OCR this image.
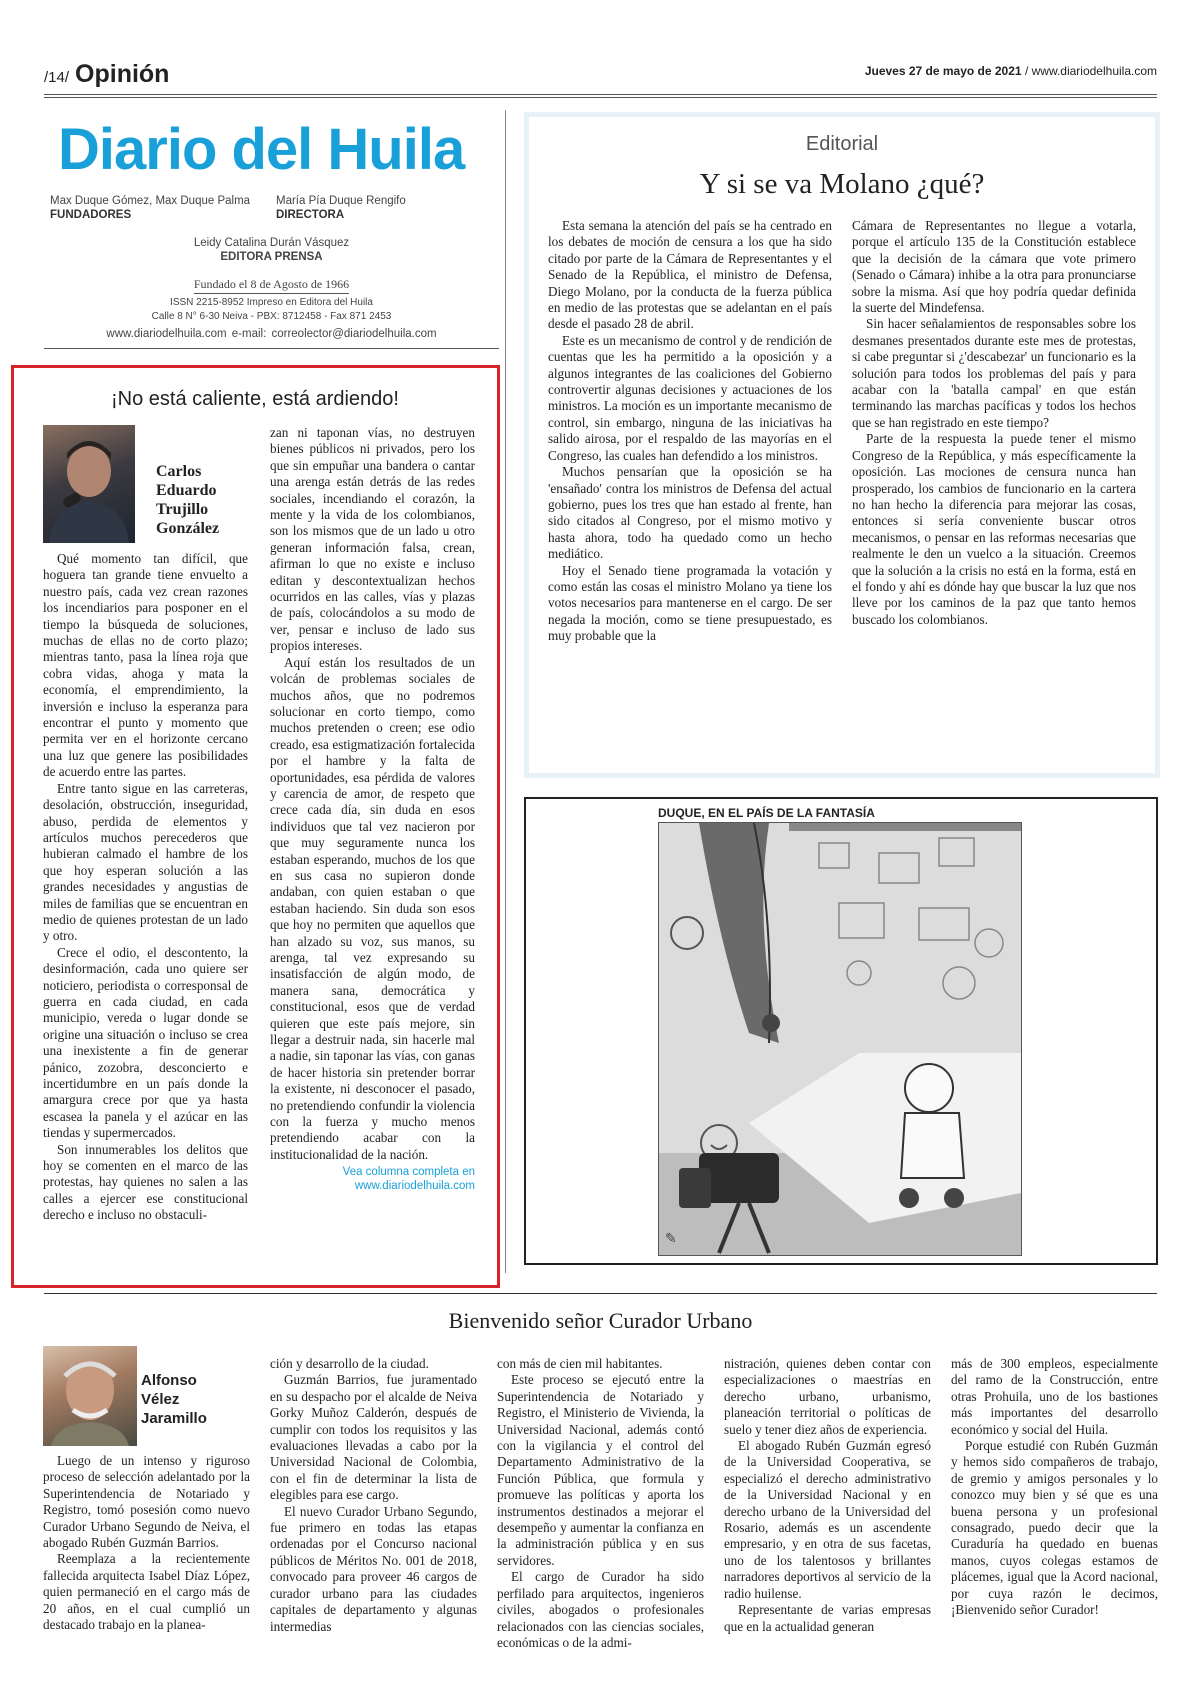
/14/ Opinión	Jueves 27 de mayo de 2021 / www.diariodelhuila.com
Diario del Huila
Max Duque Gómez, Max Duque Palma
FUNDADORES
María Pía Duque Rengifo
DIRECTORA
Leidy Catalina Durán Vásquez
EDITORA PRENSA
Fundado el 8 de Agosto de 1966
ISSN 2215-8952 Impreso en Editora del Huila
Calle 8 N° 6-30 Neiva - PBX: 8712458 - Fax 871 2453
www.diariodelhuila.com e-mail: correolector@diariodelhuila.com
¡No está caliente, está ardiendo!
Carlos
Eduardo
Trujillo
González

Qué momento tan difícil, que hoguera tan grande tiene envuelto a nuestro país, cada vez crean razones los incendiarios para posponer en el tiempo la búsqueda de soluciones, muchas de ellas no de corto plazo; mientras tanto, pasa la línea roja que cobra vidas, ahoga y mata la economía, el emprendimiento, la inversión e incluso la esperanza para encontrar el punto y momento que permita ver en el horizonte cercano una luz que genere las posibilidades de acuerdo entre las partes.

Entre tanto sigue en las carreteras, desolación, obstrucción, inseguridad, abuso, perdida de elementos y artículos muchos perecederos que hubieran calmado el hambre de los que hoy esperan solución a las grandes necesidades y angustias de miles de familias que se encuentran en medio de quienes protestan de un lado y otro.

Crece el odio, el descontento, la desinformación, cada uno quiere ser noticiero, periodista o corresponsal de guerra en cada ciudad, en cada municipio, vereda o lugar donde se origine una situación o incluso se crea una inexistente a fin de generar pánico, zozobra, desconcierto e incertidumbre en un país donde la amargura crece por que ya hasta escasea la panela y el azúcar en las tiendas y supermercados.

Son innumerables los delitos que hoy se comenten en el marco de las protestas, hay quienes no salen a las calles a ejercer ese constitucional derecho e incluso no obstaculi-

zan ni taponan vías, no destruyen bienes públicos ni privados, pero los que sin empuñar una bandera o cantar una arenga están detrás de las redes sociales, incendiando el corazón, la mente y la vida de los colombianos, son los mismos que de un lado u otro generan información falsa, crean, afirman lo que no existe e incluso editan y descontextualizan hechos ocurridos en las calles, vías y plazas de país, colocándolos a su modo de ver, pensar e incluso de lado sus propios intereses.

Aquí están los resultados de un volcán de problemas sociales de muchos años, que no podremos solucionar en corto tiempo, como muchos pretenden o creen; ese odio creado, esa estigmatización fortalecida por el hambre y la falta de oportunidades, esa pérdida de valores y carencia de amor, de respeto que crece cada día, sin duda en esos individuos que tal vez nacieron por que muy seguramente nunca los estaban esperando, muchos de los que en sus casa no supieron donde andaban, con quien estaban o que estaban haciendo. Sin duda son esos que hoy no permiten que aquellos que han alzado su voz, sus manos, su arenga, tal vez expresando su insatisfacción de algún modo, de manera sana, democrática y constitucional, esos que de verdad quieren que este país mejore, sin llegar a destruir nada, sin hacerle mal a nadie, sin taponar las vías, con ganas de hacer historia sin pretender borrar la existente, ni desconocer el pasado, no pretendiendo confundir la violencia con la fuerza y mucho menos pretendiendo acabar con la institucionalidad de la nación.

Vea columna completa en
www.diariodelhuila.com
Editorial
Y si se va Molano ¿qué?

Esta semana la atención del país se ha centrado en los debates de moción de censura a los que ha sido citado por parte de la Cámara de Representantes y el Senado de la República, el ministro de Defensa, Diego Molano, por la conducta de la fuerza pública en medio de las protestas que se adelantan en el país desde el pasado 28 de abril.

Este es un mecanismo de control y de rendición de cuentas que les ha permitido a la oposición y a algunos integrantes de las coaliciones del Gobierno controvertir algunas decisiones y actuaciones de los ministros. La moción es un importante mecanismo de control, sin embargo, ninguna de las iniciativas ha salido airosa, por el respaldo de las mayorías en el Congreso, las cuales han defendido a los ministros.

Muchos pensarían que la oposición se ha 'ensañado' contra los ministros de Defensa del actual gobierno, pues los tres que han estado al frente, han sido citados al Congreso, por el mismo motivo y hasta ahora, todo ha quedado como un hecho mediático.

Hoy el Senado tiene programada la votación y como están las cosas el ministro Molano ya tiene los votos necesarios para mantenerse en el cargo. De ser negada la moción, como se tiene presupuestado, es muy probable que la

Cámara de Representantes no llegue a votarla, porque el artículo 135 de la Constitución establece que la decisión de la cámara que vote primero (Senado o Cámara) inhibe a la otra para pronunciarse sobre la misma. Así que hoy podría quedar definida la suerte del Mindefensa.

Sin hacer señalamientos de responsables sobre los desmanes presentados durante este mes de protestas, si cabe preguntar si ¿'descabezar' un funcionario es la solución para todos los problemas del país y para acabar con la 'batalla campal' en que están terminando las marchas pacíficas y todos los hechos que se han registrado en este tiempo?

Parte de la respuesta la puede tener el mismo Congreso de la República, y más específicamente la oposición. Las mociones de censura nunca han prosperado, los cambios de funcionario en la cartera no han hecho la diferencia para mejorar las cosas, entonces si sería conveniente buscar otros mecanismos, o pensar en las reformas necesarias que realmente le den un vuelco a la situación. Creemos que la solución a la crisis no está en la forma, está en el fondo y ahí es dónde hay que buscar la luz que nos lleve por los caminos de la paz que tanto hemos buscado los colombianos.

DUQUE, EN EL PAÍS DE LA FANTASÍA
✎
Bienvenido señor Curador Urbano
Alfonso
Vélez
Jaramillo

Luego de un intenso y riguroso proceso de selección adelantado por la Superintendencia de Notariado y Registro, tomó posesión como nuevo Curador Urbano Segundo de Neiva, el abogado Rubén Guzmán Barrios.

Reemplaza a la recientemente fallecida arquitecta Isabel Díaz López, quien permaneció en el cargo más de 20 años, en el cual cumplió un destacado trabajo en la planea-

ción y desarrollo de la ciudad.

Guzmán Barrios, fue juramentado en su despacho por el alcalde de Neiva Gorky Muñoz Calderón, después de cumplir con todos los requisitos y las evaluaciones llevadas a cabo por la Universidad Nacional de Colombia, con el fin de determinar la lista de elegibles para ese cargo.

El nuevo Curador Urbano Segundo, fue primero en todas las etapas ordenadas por el Concurso nacional públicos de Méritos No. 001 de 2018, convocado para proveer 46 cargos de curador urbano para las ciudades capitales de departamento y algunas intermedias

con más de cien mil habitantes.

Este proceso se ejecutó entre la Superintendencia de Notariado y Registro, el Ministerio de Vivienda, la Universidad Nacional, además contó con la vigilancia y el control del Departamento Administrativo de la Función Pública, que formula y promueve las políticas y aporta los instrumentos destinados a mejorar el desempeño y aumentar la confianza en la administración pública y en sus servidores.

El cargo de Curador ha sido perfilado para arquitectos, ingenieros civiles, abogados o profesionales relacionados con las ciencias sociales, económicas o de la admi-

nistración, quienes deben contar con especializaciones o maestrías en derecho urbano, urbanismo, planeación territorial o políticas de suelo y tener diez años de experiencia.

El abogado Rubén Guzmán egresó de la Universidad Cooperativa, se especializó el derecho administrativo de la Universidad Nacional y en derecho urbano de la Universidad del Rosario, además es un ascendente empresario, y en otra de sus facetas, uno de los talentosos y brillantes narradores deportivos al servicio de la radio huilense.

Representante de varias empresas que en la actualidad generan

más de 300 empleos, especialmente del ramo de la Construcción, entre otras Prohuila, uno de los bastiones más importantes del desarrollo económico y social del Huila.

Porque estudié con Rubén Guzmán y hemos sido compañeros de trabajo, de gremio y amigos personales y lo conozco muy bien y sé que es una buena persona y un profesional consagrado, puedo decir que la Curaduría ha quedado en buenas manos, cuyos colegas estamos de plácemes, igual que la Acord nacional, por cuya razón le decimos, ¡Bienvenido señor Curador!
